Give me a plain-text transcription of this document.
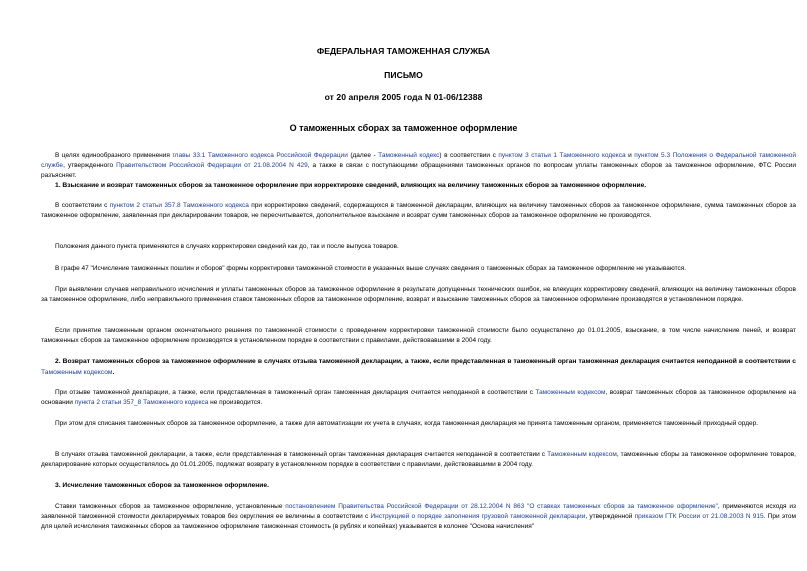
ФЕДЕРАЛЬНАЯ ТАМОЖЕННАЯ СЛУЖБА
ПИСЬМО
от 20 апреля 2005 года N 01-06/12388
О таможенных сборах за таможенное оформление

В целях единообразного применения главы 33.1 Таможенного кодекса Российской Федерации (далее - Таможенный кодекс) в соответствии с пунктом 3 статьи 1 Таможенного кодекса и пунктом 5.3 Положения о Федеральной таможенной службе, утвержденного Правительством Российской Федерации от 21.08.2004 N 429, а также в связи с поступающими обращениями таможенных органов по вопросам уплаты таможенных сборов за таможенное оформление, ФТС России разъясняет.

1. Взыскание и возврат таможенных сборов за таможенное оформление при корректировке сведений, влияющих на величину таможенных сборов за таможенное оформление.

В соответствии с пунктом 2 статьи 357.8 Таможенного кодекса при корректировке сведений, содержащихся в таможенной декларации, влияющих на величину таможенных сборов за таможенное оформление, сумма таможенных сборов за таможенное оформление, заявленная при декларировании товаров, не пересчитывается, дополнительное взыскание и возврат сумм таможенных сборов за таможенное оформление не производятся.

Положения данного пункта применяются в случаях корректировки сведений как до, так и после выпуска товаров.

В графе 47 "Исчисление таможенных пошлин и сборов" формы корректировки таможенной стоимости в указанных выше случаях сведения о таможенных сборах за таможенное оформление не указываются.

При выявлении случаев неправильного исчисления и уплаты таможенных сборов за таможенное оформление в результате допущенных технических ошибок, не влекущих корректировку сведений, влияющих на величину таможенных сборов за таможенное оформление, либо неправильного применения ставок таможенных сборов за таможенное оформление, возврат и взыскание таможенных сборов за таможенное оформление производятся в установленном порядке.

Если принятие таможенным органом окончательного решения по таможенной стоимости с проведением корректировки таможенной стоимости было осуществлено до 01.01.2005, взыскание, в том числе начисление пеней, и возврат таможенных сборов за таможенное оформление производятся в установленном порядке в соответствии с правилами, действовавшими в 2004 году.

2. Возврат таможенных сборов за таможенное оформление в случаях отзыва таможенной декларации, а также, если представленная в таможенный орган таможенная декларация считается неподанной в соответствии с Таможенным кодексом.

При отзыве таможенной декларации, а также, если представленная в таможенный орган таможенная декларация считается неподанной в соответствии с Таможенным кодексом, возврат таможенных сборов за таможенное оформление на основании пункта 2 статьи 357_8 Таможенного кодекса не производится.

При этом для списания таможенных сборов за таможенное оформление, а также для автоматизации их учета в случаях, когда таможенная декларация не принята таможенным органом, применяется таможенный приходный ордер.

В случаях отзыва таможенной декларации, а также, если представленная в таможенный орган таможенная декларация считается неподанной в соответствии с Таможенным кодексом, таможенные сборы за таможенное оформление товаров, декларирование которых осуществлялось до 01.01.2005, подлежат возврату в установленном порядке в соответствии с правилами, действовавшими в 2004 году.

3. Исчисление таможенных сборов за таможенное оформление.

Ставки таможенных сборов за таможенное оформление, установленные постановлением Правительства Российской Федерации от 28.12.2004 N 863 "О ставках таможенных сборов за таможенное оформление", применяются исходя из заявленной таможенной стоимости декларируемых товаров без округления ее величины в соответствии с Инструкцией о порядке заполнения грузовой таможенной декларации, утвержденной приказом ГТК России от 21.08.2003 N 915. При этом для целей исчисления таможенных сборов за таможенное оформление таможенная стоимость (в рублях и копейках) указывается в колонке "Основа начисления"
